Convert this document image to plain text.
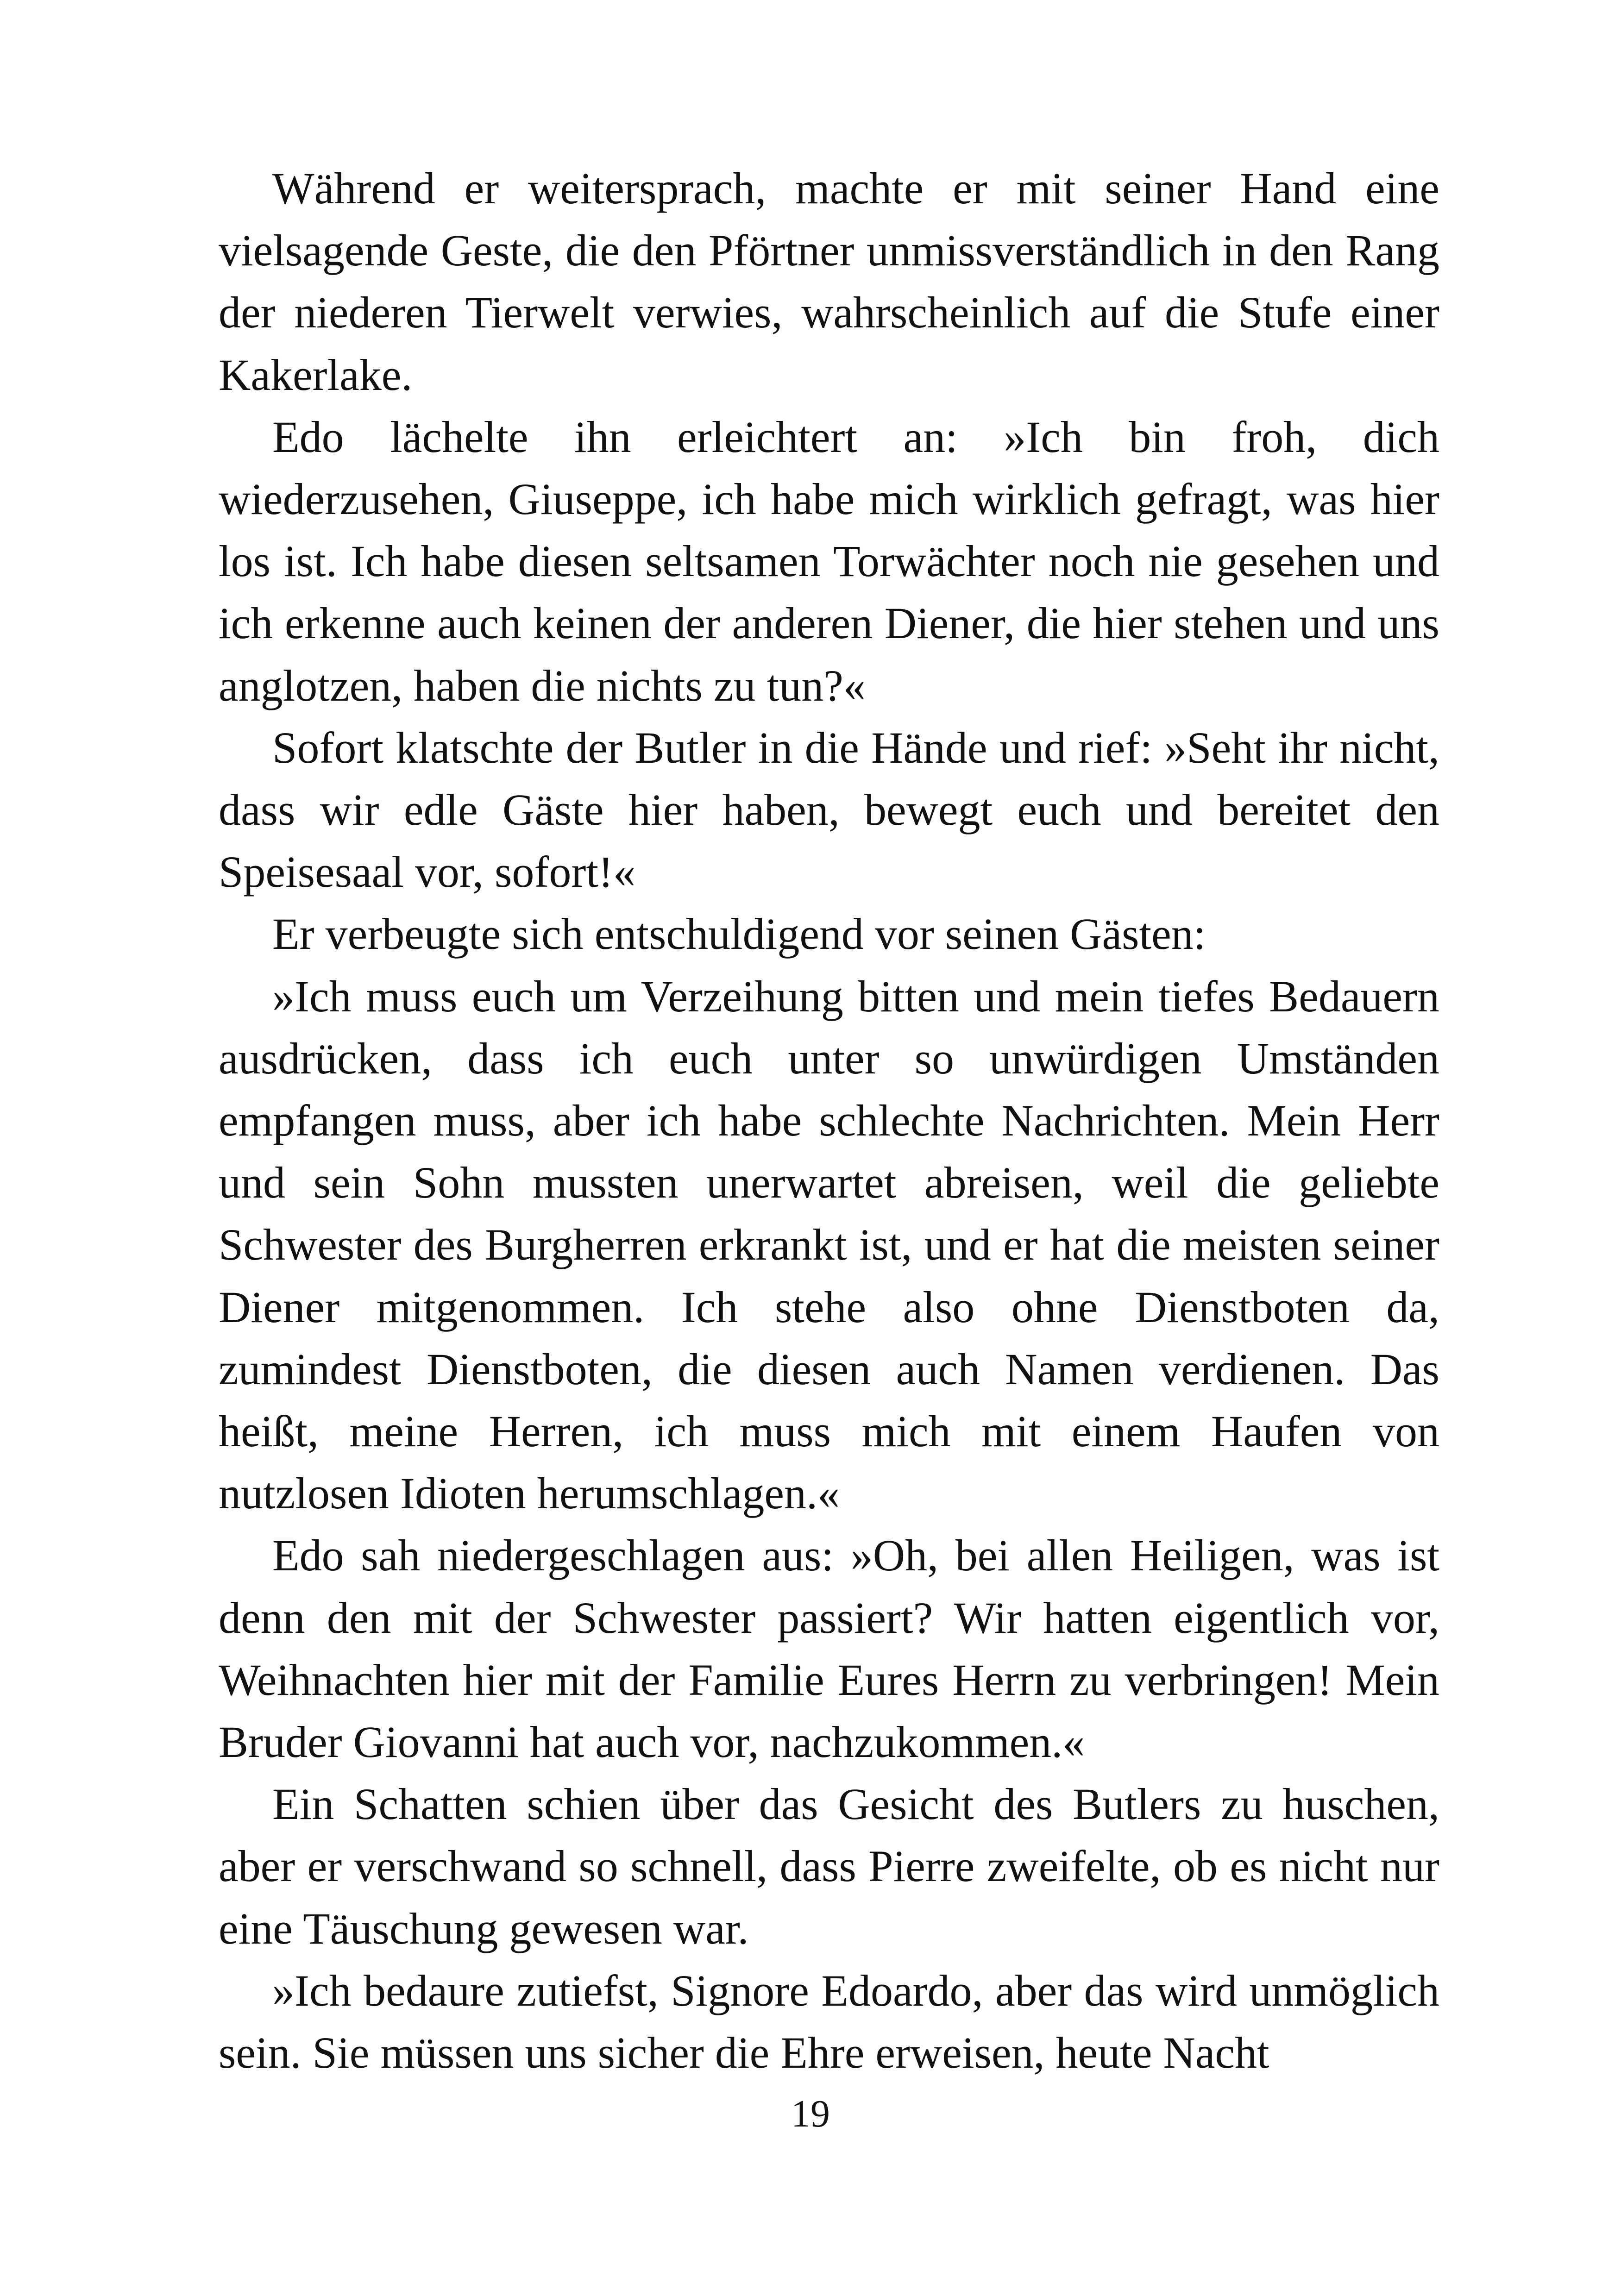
Während er weitersprach, machte er mit seiner Hand eine vielsagende Geste, die den Pförtner unmissverständlich in den Rang der niederen Tierwelt verwies, wahrscheinlich auf die Stufe einer Kakerlake.

Edo lächelte ihn erleichtert an: »Ich bin froh, dich wiederzusehen, Giuseppe, ich habe mich wirklich gefragt, was hier los ist. Ich habe diesen seltsamen Torwächter noch nie gesehen und ich erkenne auch keinen der anderen Diener, die hier stehen und uns anglotzen, haben die nichts zu tun?«

Sofort klatschte der Butler in die Hände und rief: »Seht ihr nicht, dass wir edle Gäste hier haben, bewegt euch und bereitet den Speisesaal vor, sofort!«

Er verbeugte sich entschuldigend vor seinen Gästen:

»Ich muss euch um Verzeihung bitten und mein tiefes Bedauern ausdrücken, dass ich euch unter so unwürdigen Umständen empfangen muss, aber ich habe schlechte Nachrichten. Mein Herr und sein Sohn mussten unerwartet abreisen, weil die geliebte Schwester des Burgherren erkrankt ist, und er hat die meisten seiner Diener mitgenommen. Ich stehe also ohne Dienstboten da, zumindest Dienstboten, die diesen auch Namen verdienen. Das heißt, meine Herren, ich muss mich mit einem Haufen von nutzlosen Idioten herumschlagen.«

Edo sah niedergeschlagen aus: »Oh, bei allen Heiligen, was ist denn den mit der Schwester passiert? Wir hatten eigentlich vor, Weihnachten hier mit der Familie Eures Herrn zu verbringen! Mein Bruder Giovanni hat auch vor, nachzukommen.«

Ein Schatten schien über das Gesicht des Butlers zu huschen, aber er verschwand so schnell, dass Pierre zweifelte, ob es nicht nur eine Täuschung gewesen war.

»Ich bedaure zutiefst, Signore Edoardo, aber das wird unmöglich sein. Sie müssen uns sicher die Ehre erweisen, heute Nacht

19
